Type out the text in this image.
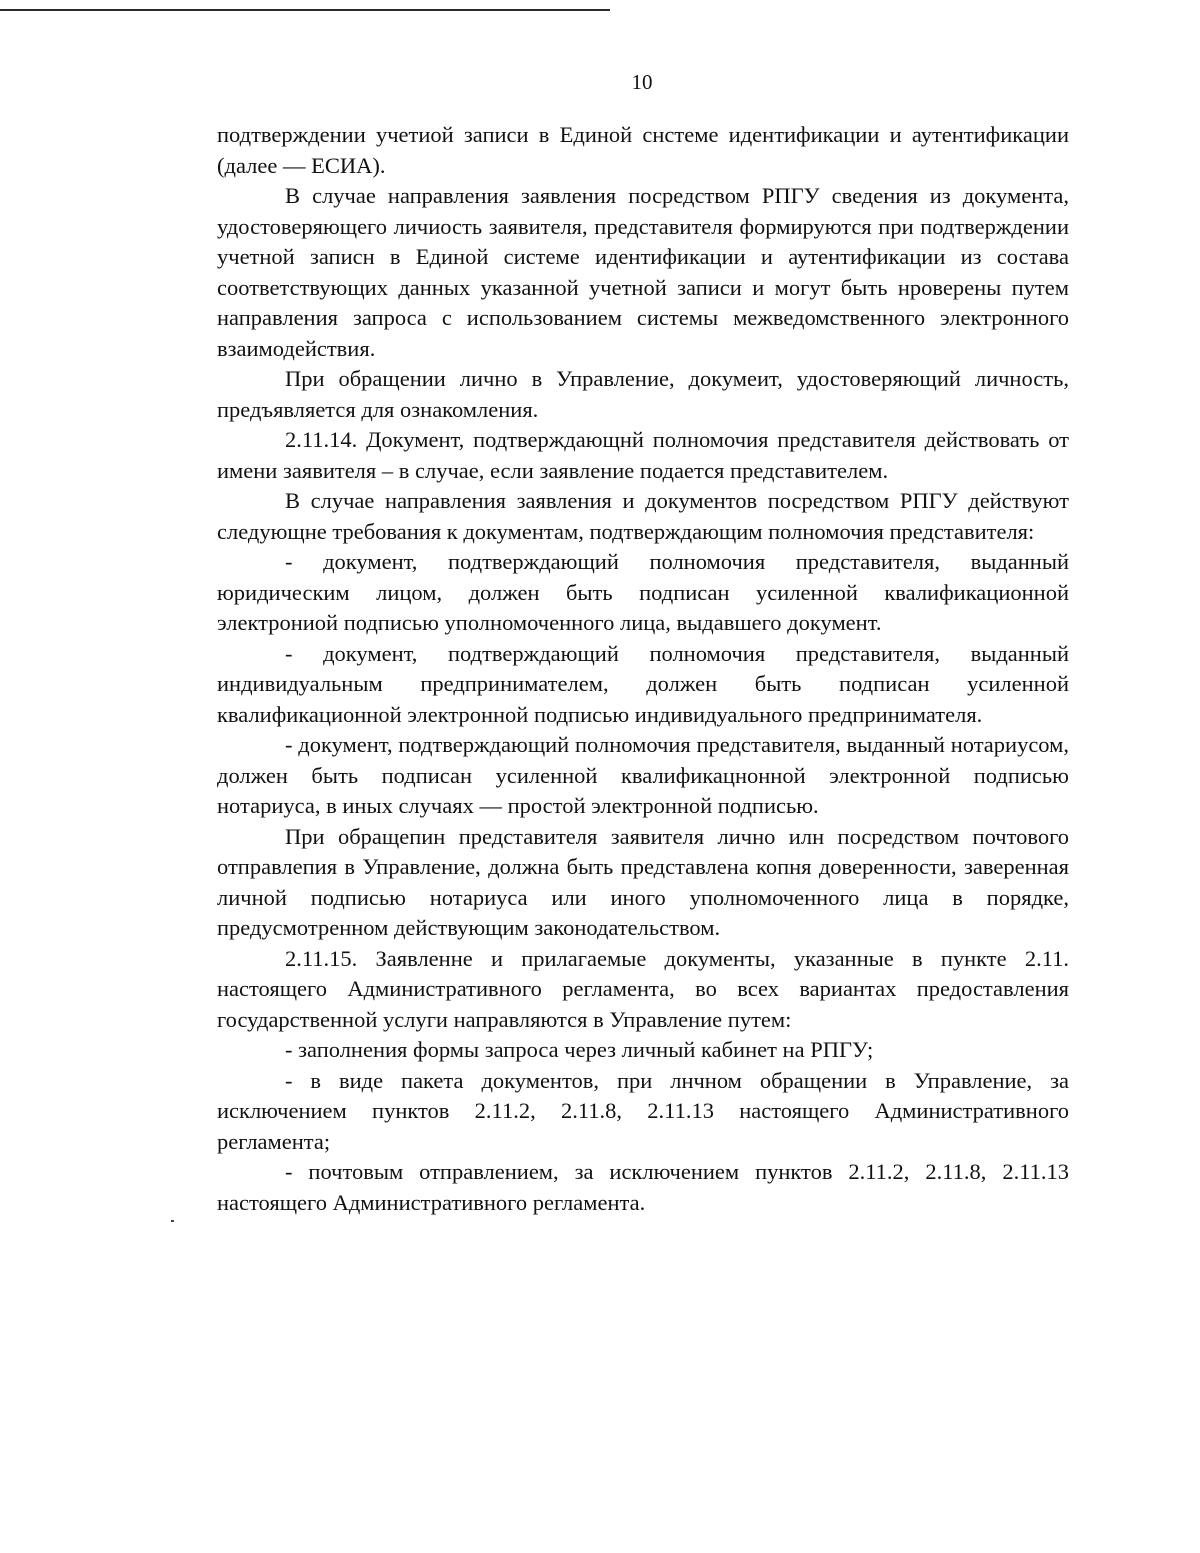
10

подтверждении учетиой записи в Единой снстеме идентификации и аутентификации (далее — ЕСИА).

В случае направления заявления посредством РПГУ сведения из документа, удостоверяющего личиость заявителя, представителя формируются при подтверждении учетной записн в Единой системе идентификации и аутентификации из состава соответствующих данных указанной учетной записи и могут быть нроверены путем направления запроса с использованием системы межведомственного электронного взаимодействия.

При обращении лично в Управление, докумеит, удостоверяющий личность, предъявляется для ознакомления.

2.11.14. Документ, подтверждающнй полномочия представителя действовать от имени заявителя – в случае, если заявление подается представителем.

В случае направления заявления и документов посредством РПГУ действуют следующне требования к документам, подтверждающим полномочия представителя:

- документ, подтверждающий полномочия представителя, выданный юридическим лицом, должен быть подписан усиленной квалификационной электрониой подписью уполномоченного лица, выдавшего документ.

- документ, подтверждающий полномочия представителя, выданный индивидуальным предпринимателем, должен быть подписан усиленной квалификационной электронной подписью индивидуального предпринимателя.

- документ, подтверждающий полномочия представителя, выданный нотариусом, должен быть подписан усиленной квалификацнонной электронной подписью нотариуса, в иных случаях — простой электронной подписью.

При обращепин представителя заявителя лично илн посредством почтового отправлепия в Управление, должна быть представлена копня доверенности, заверенная личной подписью нотариуса или иного уполномоченного лица в порядке, предусмотренном действующим законодательством.

2.11.15. Заявленне и прилагаемые документы, указанные в пункте 2.11. настоящего Административного регламента, во всех вариантах предоставления государственной услуги направляются в Управление путем:

- заполнения формы запроса через личный кабинет на РПГУ;

- в виде пакета документов, при лнчном обращении в Управление, за исключением пунктов 2.11.2, 2.11.8, 2.11.13 настоящего Административного регламента;

- почтовым отправлением, за исключением пунктов 2.11.2, 2.11.8, 2.11.13 настоящего Административного регламента.
